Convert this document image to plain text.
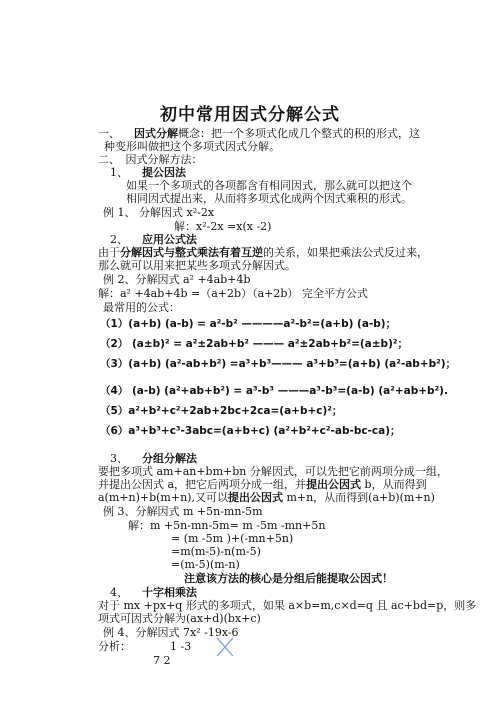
初中常用因式分解公式
一、 因式分解概念：把一个多项式化成几个整式的积的形式，这
种变形叫做把这个多项式因式分解。
二、　因式分解方法：
1、 提公因法
如果一个多项式的各项都含有相同因式，那么就可以把这个
相同因式提出来，从而将多项式化成两个因式乘积的形式。
例 1、 分解因式 x²-2x
解：x²-2x =x(x -2)
2、 应用公式法
由于分解因式与整式乘法有着互逆的关系，如果把乘法公式反过来，
那么就可以用来把某些多项式分解因式。
例 2、分解因式 a² +4ab+4b
解：a² +4ab+4b =（a+2b）（a+2b） 完全平方公式
最常用的公式：
（1）(a+b) (a-b) = a²-b² ————a²-b²=(a+b) (a-b)；
（2） (a±b)² = a²±2ab+b² ——— a²±2ab+b²=(a±b)²；
（3）(a+b) (a²-ab+b²) =a³+b³——— a³+b³=(a+b) (a²-ab+b²)；
（4） (a-b) (a²+ab+b²) = a³-b³ ———a³-b³=(a-b) (a²+ab+b²).
（5）a²+b²+c²+2ab+2bc+2ca=(a+b+c)²；
（6）a³+b³+c³-3abc=(a+b+c) (a²+b²+c²-ab-bc-ca)；
3、 分组分解法
要把多项式 am+an+bm+bn 分解因式，可以先把它前两项分成一组，
并提出公因式 a，把它后两项分成一组，并提出公因式 b，从而得到
a(m+n)+b(m+n),又可以提出公因式 m+n，从而得到(a+b)(m+n)
例 3、分解因式 m +5n-mn-5m
解：m +5n-mn-5m= m -5m -mn+5n
= (m -5m )+(-mn+5n)
=m(m-5)-n(m-5)
=(m-5)(m-n)
注意该方法的核心是分组后能提取公因式！
4、 十字相乘法
对于 mx +px+q 形式的多项式，如果 a×b=m,c×d=q 且 ac+bd=p，则多
项式可因式分解为(ax+d)(bx+c)
例 4、分解因式 7x² -19x-6
分析：	1 -3
7 2
